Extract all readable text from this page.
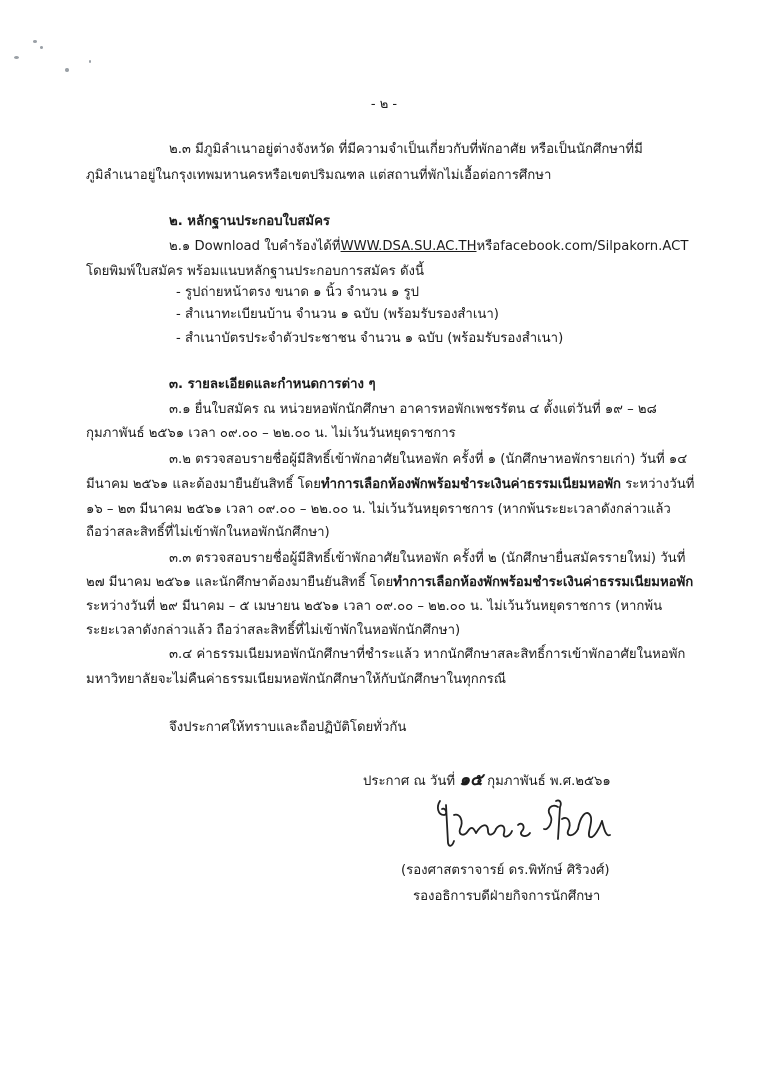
- ๒ -
๒.๓ มีภูมิลำเนาอยู่ต่างจังหวัด ที่มีความจำเป็นเกี่ยวกับที่พักอาศัย หรือเป็นนักศึกษาที่มี
ภูมิลำเนาอยู่ในกรุงเทพมหานครหรือเขตปริมณฑล แต่สถานที่พักไม่เอื้อต่อการศึกษา
๒. หลักฐานประกอบใบสมัคร
๒.๑ Download ใบคำร้องได้ที่ WWW.DSA.SU.AC.TH หรือ facebook.com/Silpakorn.ACT
โดยพิมพ์ใบสมัคร พร้อมแนบหลักฐานประกอบการสมัคร ดังนี้
- รูปถ่ายหน้าตรง ขนาด ๑ นิ้ว จำนวน ๑ รูป
- สำเนาทะเบียนบ้าน จำนวน ๑ ฉบับ (พร้อมรับรองสำเนา)
- สำเนาบัตรประจำตัวประชาชน จำนวน ๑ ฉบับ (พร้อมรับรองสำเนา)
๓. รายละเอียดและกำหนดการต่าง ๆ
๓.๑ ยื่นใบสมัคร ณ หน่วยหอพักนักศึกษา อาคารหอพักเพชรรัตน ๔ ตั้งแต่วันที่ ๑๙ – ๒๘
กุมภาพันธ์ ๒๕๖๑ เวลา ๐๙.๐๐ – ๒๒.๐๐ น. ไม่เว้นวันหยุดราชการ
๓.๒ ตรวจสอบรายชื่อผู้มีสิทธิ์เข้าพักอาศัยในหอพัก ครั้งที่ ๑ (นักศึกษาหอพักรายเก่า) วันที่ ๑๔
มีนาคม ๒๕๖๑ และต้องมายืนยันสิทธิ์ โดยทำการเลือกห้องพักพร้อมชำระเงินค่าธรรมเนียมหอพัก ระหว่างวันที่
๑๖ – ๒๓ มีนาคม ๒๕๖๑ เวลา ๐๙.๐๐ – ๒๒.๐๐ น. ไม่เว้นวันหยุดราชการ (หากพ้นระยะเวลาดังกล่าวแล้ว
ถือว่าสละสิทธิ์ที่ไม่เข้าพักในหอพักนักศึกษา)
๓.๓ ตรวจสอบรายชื่อผู้มีสิทธิ์เข้าพักอาศัยในหอพัก ครั้งที่ ๒ (นักศึกษายื่นสมัครรายใหม่) วันที่
๒๗ มีนาคม ๒๕๖๑ และนักศึกษาต้องมายืนยันสิทธิ์ โดยทำการเลือกห้องพักพร้อมชำระเงินค่าธรรมเนียมหอพัก
ระหว่างวันที่ ๒๙ มีนาคม – ๕ เมษายน ๒๕๖๑ เวลา ๐๙.๐๐ – ๒๒.๐๐ น. ไม่เว้นวันหยุดราชการ (หากพ้น
ระยะเวลาดังกล่าวแล้ว ถือว่าสละสิทธิ์ที่ไม่เข้าพักในหอพักนักศึกษา)
๓.๔ ค่าธรรมเนียมหอพักนักศึกษาที่ชำระแล้ว หากนักศึกษาสละสิทธิ์การเข้าพักอาศัยในหอพัก
มหาวิทยาลัยจะไม่คืนค่าธรรมเนียมหอพักนักศึกษาให้กับนักศึกษาในทุกกรณี
จึงประกาศให้ทราบและถือปฏิบัติโดยทั่วกัน
ประกาศ ณ วันที่ ๑๕ กุมภาพันธ์ พ.ศ.๒๕๖๑
(รองศาสตราจารย์ ดร.พิทักษ์ ศิริวงศ์)
รองอธิการบดีฝ่ายกิจการนักศึกษา
